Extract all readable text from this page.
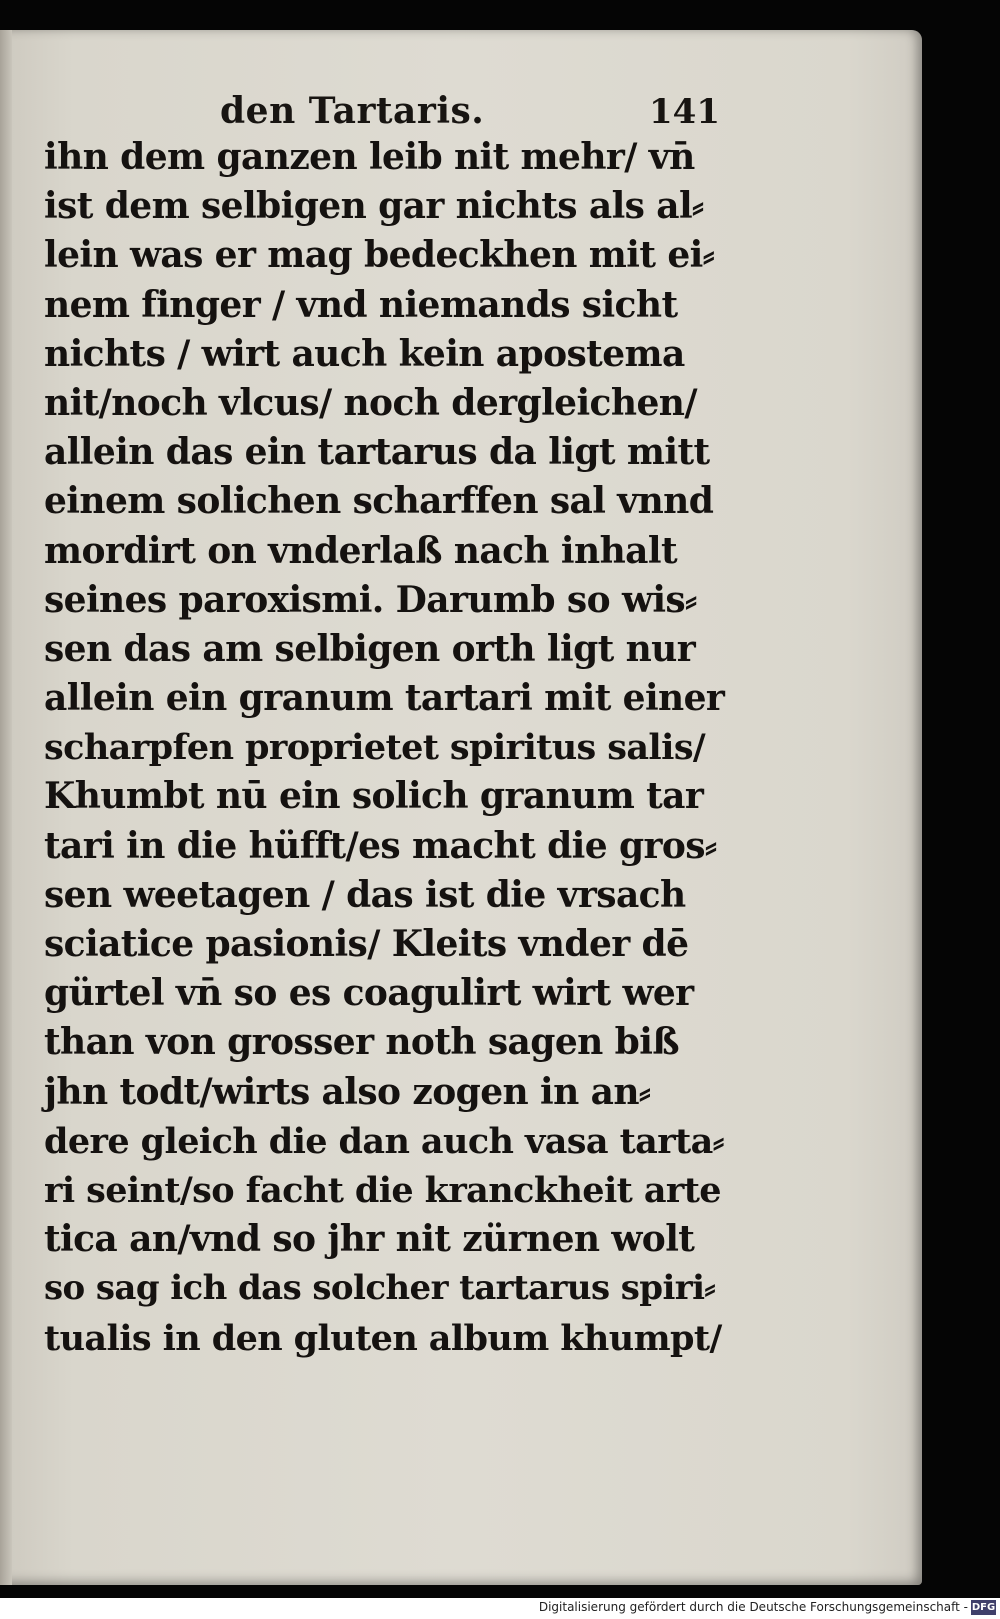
den Tartaris.	141
ihn dem ganzen leib nit mehr/ vn̄
ist dem selbigen gar nichts als al⸗
lein was er mag bedeckhen mit ei⸗
nem finger / vnd niemands sicht
nichts / wirt auch kein apostema
nit/noch vlcus/ noch dergleichen/
allein das ein tartarus da ligt mitt
einem solichen scharffen sal vnnd
mordirt on vnderlaß nach inhalt
seines paroxismi. Darumb so wis⸗
sen das am selbigen orth ligt nur
allein ein granum tartari mit einer
scharpfen proprietet spiritus salis/
Khumbt nū ein solich granum tar
tari in die hüfft/es macht die gros⸗
sen weetagen / das ist die vrsach
sciatice pasionis/ Kleits vnder dē
gürtel vn̄ so es coagulirt wirt wer
than von grosser noth sagen biß
jhn todt/wirts also zogen in an⸗
dere gleich die dan auch vasa tarta⸗
ri seint/so facht die kranckheit arte
tica an/vnd so jhr nit zürnen wolt
so sag ich das solcher tartarus spiri⸗
tualis in den gluten album khumpt/
Digitalisierung gefördert durch die Deutsche Forschungsgemeinschaft - DFG
